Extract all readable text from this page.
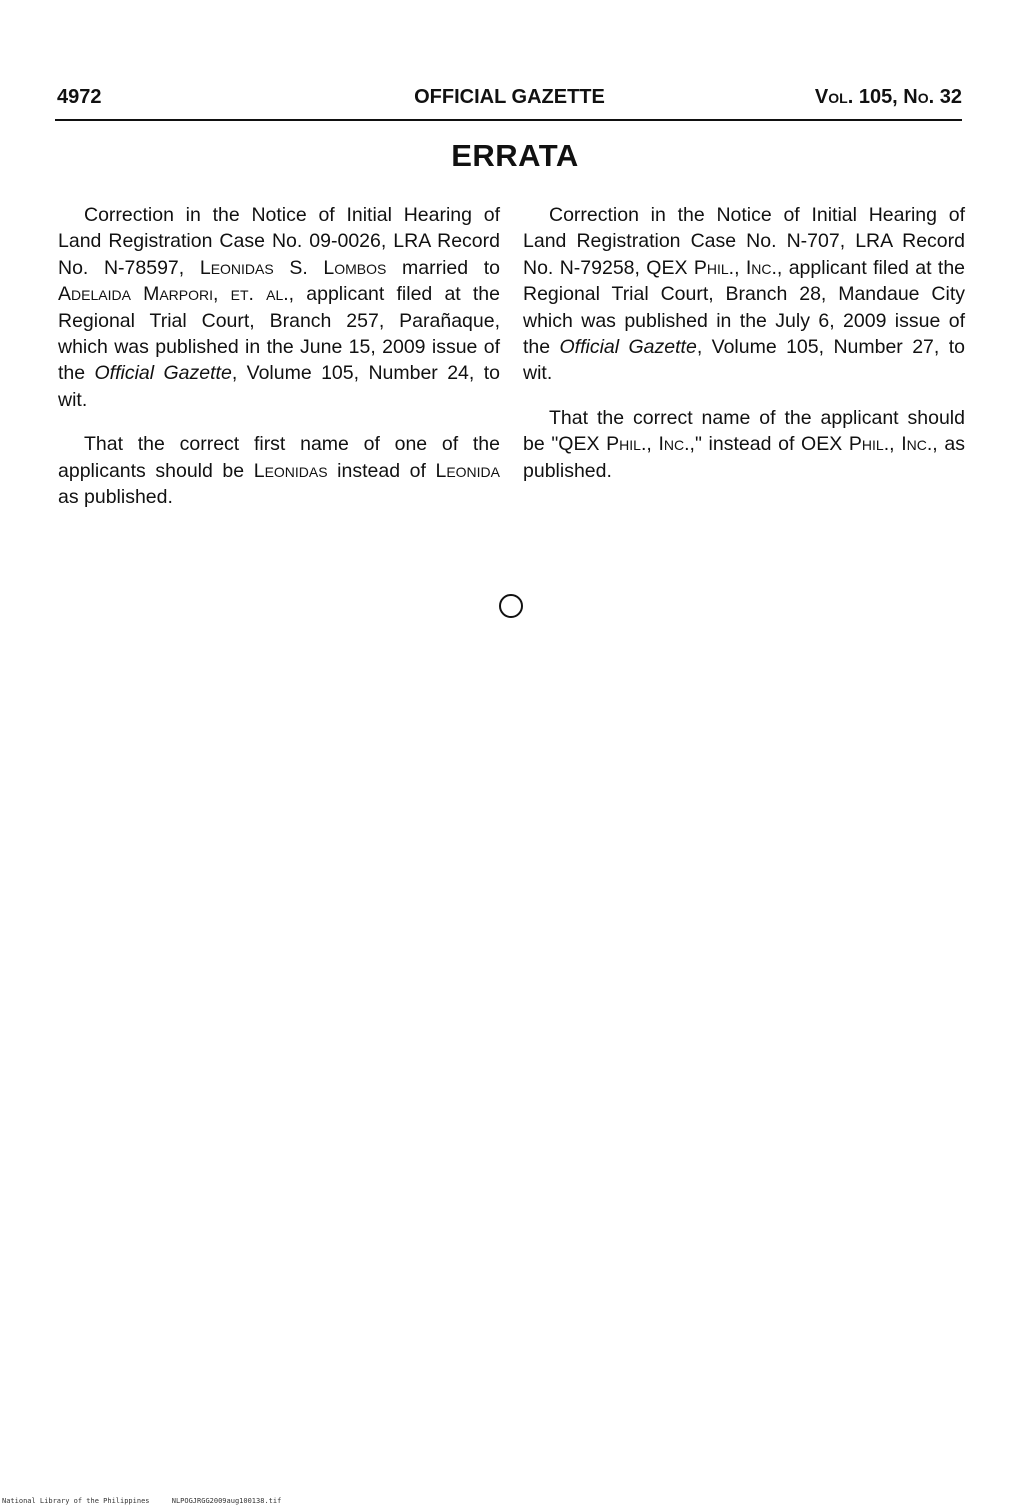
4972	OFFICIAL GAZETTE	Vol. 105, No. 32
ERRATA

Correction in the Notice of Initial Hearing of Land Registration Case No. 09-0026, LRA Record No. N-78597, Leonidas S. Lombos married to Adelaida Marpori, et. al., applicant filed at the Regional Trial Court, Branch 257, Parañaque, which was published in the June 15, 2009 issue of the Official Gazette, Volume 105, Number 24, to wit.

That the correct first name of one of the applicants should be Leonidas instead of Leonida as published.

Correction in the Notice of Initial Hearing of Land Registration Case No. N-707, LRA Record No. N-79258, QEX Phil., Inc., applicant filed at the Regional Trial Court, Branch 28, Mandaue City which was published in the July 6, 2009 issue of the Official Gazette, Volume 105, Number 27, to wit.

That the correct name of the applicant should be "QEX Phil., Inc.," instead of OEX Phil., Inc., as published.

National Library of the Philippines	NLPOGJRGG2009aug100138.tif
